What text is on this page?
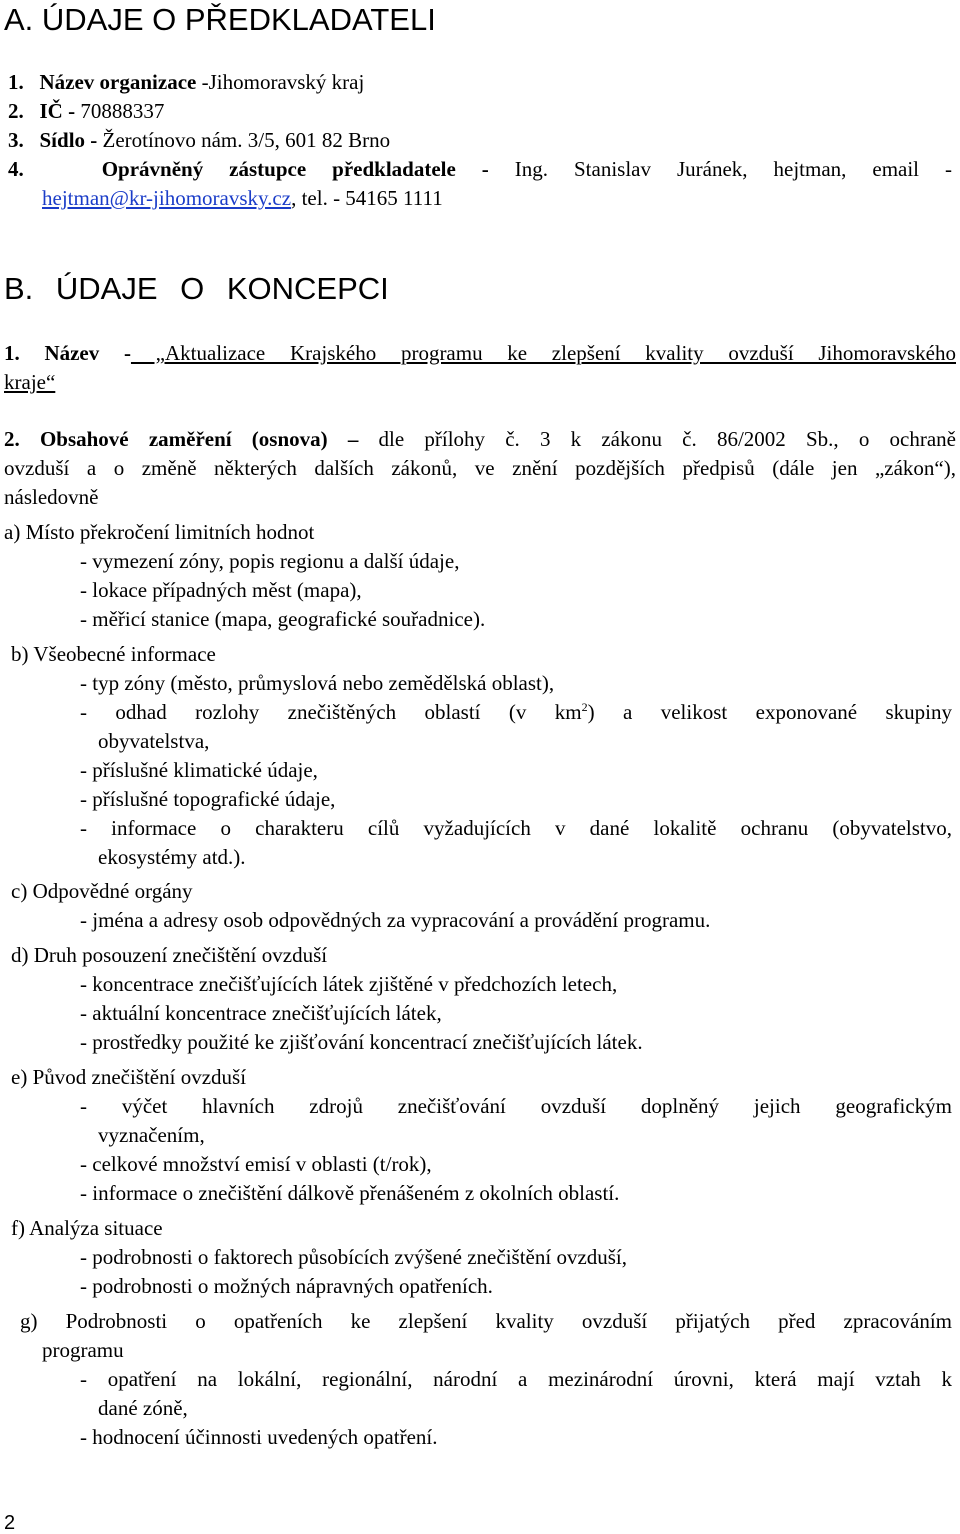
A. ÚDAJE O PŘEDKLADATELI
1. Název organizace -Jihomoravský kraj
2. IČ - 70888337
3. Sídlo - Žerotínovo nám. 3/5, 601 82 Brno
4.	Oprávněný zástupce předkladatele - Ing. Stanislav Juránek, hejtman, email -
hejtman@kr-jihomoravsky.cz, tel. - 54165 1111
B. ÚDAJE O KONCEPCI
1. Název - „Aktualizace Krajského programu ke zlepšení kvality ovzduší Jihomoravského
kraje“
2. Obsahové zaměření (osnova) – dle přílohy č. 3 k zákonu č. 86/2002 Sb., o ochraně
ovzduší a o změně některých dalších zákonů, ve znění pozdějších předpisů (dále jen „zákon“),
následovně
a) Místo překročení limitních hodnot
- vymezení zóny, popis regionu a další údaje,
- lokace případných měst (mapa),
- měřicí stanice (mapa, geografické souřadnice).
b) Všeobecné informace
- typ zóny (město, průmyslová nebo zemědělská oblast),
- odhad rozlohy znečištěných oblastí (v $km^2$) a velikost exponované skupiny
obyvatelstva,
- příslušné klimatické údaje,
- příslušné topografické údaje,
- informace o charakteru cílů vyžadujících v dané lokalitě ochranu (obyvatelstvo,
ekosystémy atd.).
c) Odpovědné orgány
- jména a adresy osob odpovědných za vypracování a provádění programu.
d) Druh posouzení znečištění ovzduší
- koncentrace znečišťujících látek zjištěné v předchozích letech,
- aktuální koncentrace znečišťujících látek,
- prostředky použité ke zjišťování koncentrací znečišťujících látek.
e) Původ znečištění ovzduší
- výčet hlavních zdrojů znečišťování ovzduší doplněný jejich geografickým
vyznačením,
- celkové množství emisí v oblasti (t/rok),
- informace o znečištění dálkově přenášeném z okolních oblastí.
f) Analýza situace
- podrobnosti o faktorech působících zvýšené znečištění ovzduší,
- podrobnosti o možných nápravných opatřeních.
g) Podrobnosti o opatřeních ke zlepšení kvality ovzduší přijatých před zpracováním
programu
- opatření na lokální, regionální, národní a mezinárodní úrovni, která mají vztah k
dané zóně,
- hodnocení účinnosti uvedených opatření.
2
